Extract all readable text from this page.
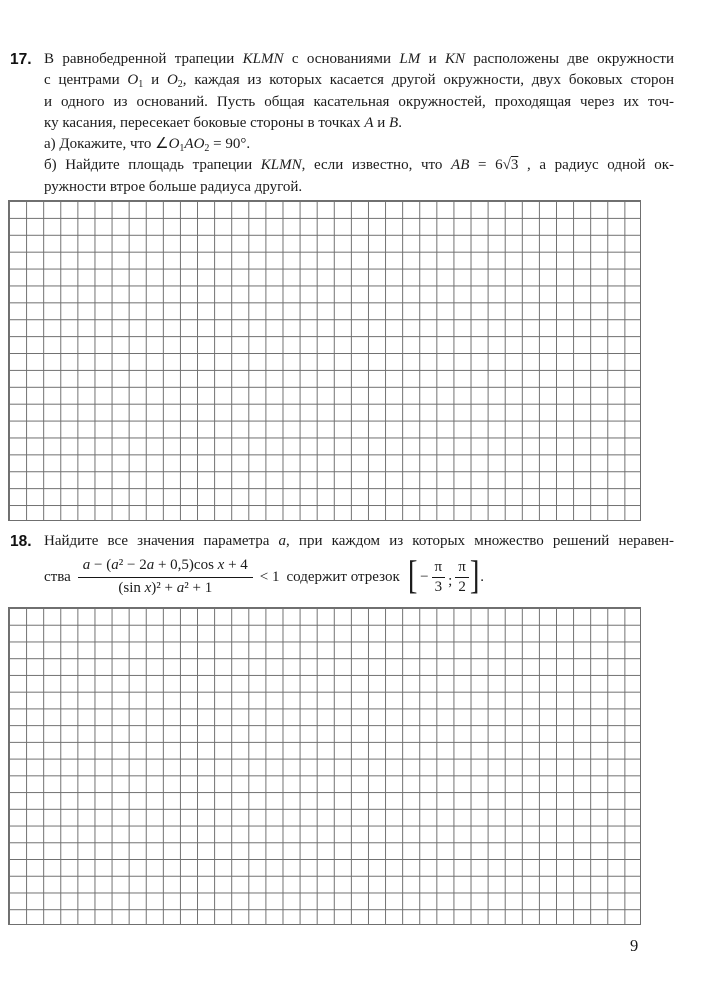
17. В равнобедренной трапеции KLMN с основаниями LM и KN расположены две окружности
с центрами $O_1$ и $O_2$, каждая из которых касается другой окружности, двух боковых сторон
и одного из оснований. Пусть общая касательная окружностей, проходящая через их точ-
ку касания, пересекает боковые стороны в точках A и B.
а) Докажите, что $\angle O_1AO_2 = 90^\circ$.
б) Найдите площадь трапеции KLMN, если известно, что AB = 6√3 , а радиус одной ок-
ружности втрое больше радиуса другой.
18. Найдите все значения параметра a, при каждом из которых множество решений неравен-
ства $\frac{\text{a − (a² − 2a + 0,5)cos x + 4}}{\text{(sin x)² + a² + 1}} < 1$ содержит отрезок [ − $\frac{\pi}{3}$ ; $\frac{\pi}{2}$ ] .
9
